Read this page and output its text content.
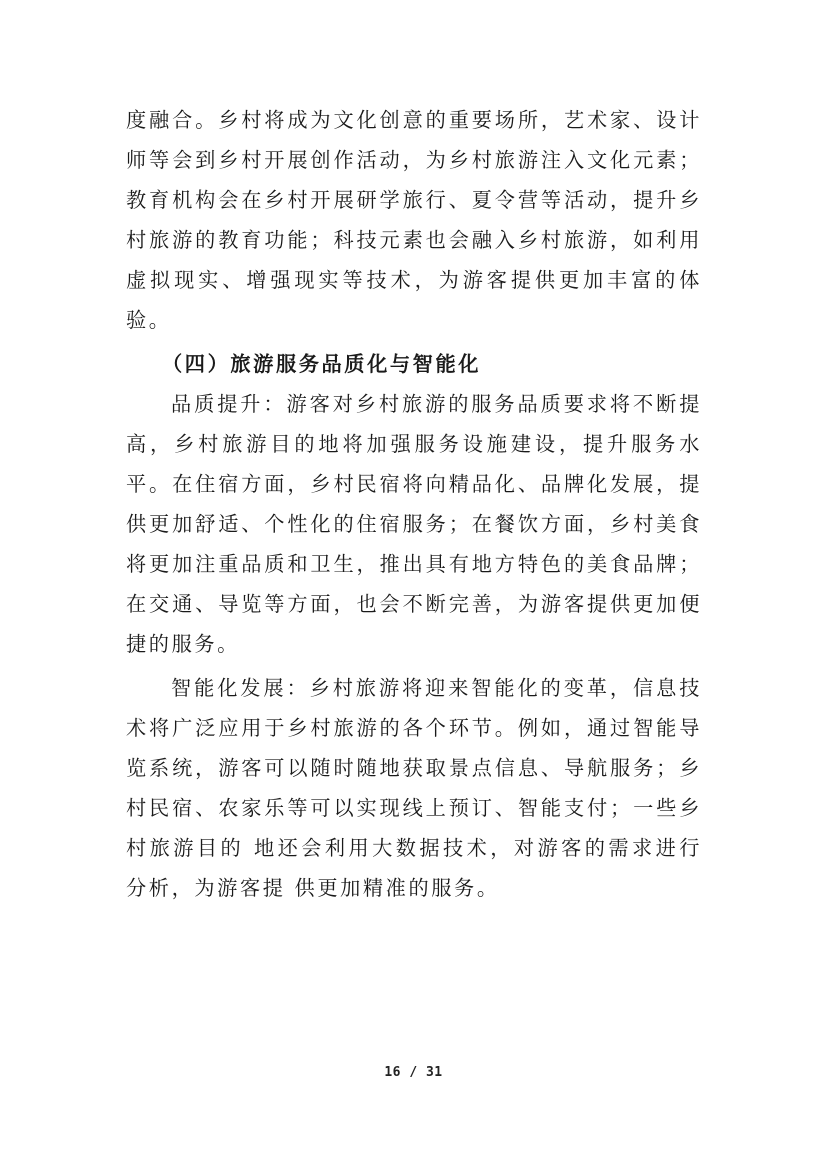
度融合。乡村将成为文化创意的重要场所，艺术家、设计师等会到乡村开展创作活动，为乡村旅游注入文化元素；教育机构会在乡村开展研学旅行、夏令营等活动，提升乡村旅游的教育功能；科技元素也会融入乡村旅游，如利用虚拟现实、增强现实等技术，为游客提供更加丰富的体验。

（四）旅游服务品质化与智能化

品质提升：游客对乡村旅游的服务品质要求将不断提高，乡村旅游目的地将加强服务设施建设，提升服务水平。在住宿方面，乡村民宿将向精品化、品牌化发展，提供更加舒适、个性化的住宿服务；在餐饮方面，乡村美食将更加注重品质和卫生，推出具有地方特色的美食品牌；在交通、导览等方面，也会不断完善，为游客提供更加便捷的服务。

智能化发展：乡村旅游将迎来智能化的变革，信息技术将广泛应用于乡村旅游的各个环节。例如，通过智能导览系统，游客可以随时随地获取景点信息、导航服务；乡村民宿、农家乐等可以实现线上预订、智能支付；一些乡村旅游目的 地还会利用大数据技术，对游客的需求进行分析，为游客提 供更加精准的服务。

16 / 31
